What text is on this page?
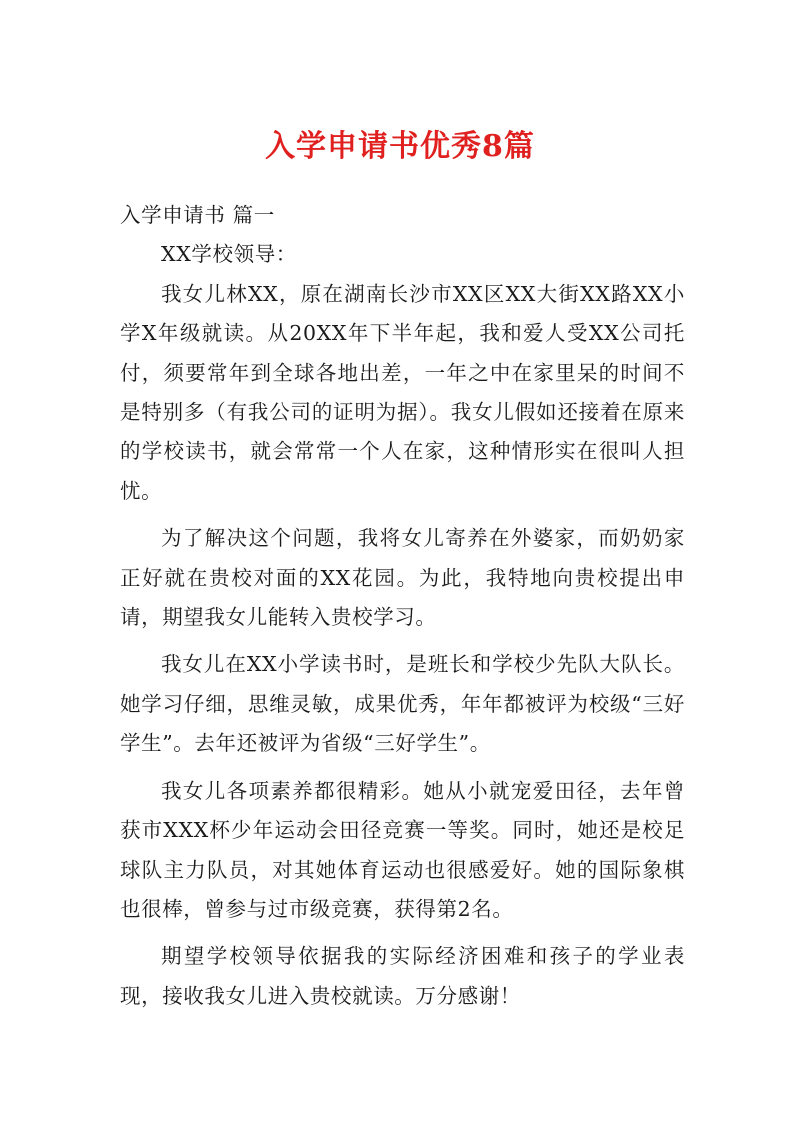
入学申请书优秀8篇

入学申请书 篇一

XX学校领导：

我女儿林XX，原在湖南长沙市XX区XX大街XX路XX小学X年级就读。从20XX年下半年起，我和爱人受XX公司托付，须要常年到全球各地出差，一年之中在家里呆的时间不是特别多（有我公司的证明为据）。我女儿假如还接着在原来的学校读书，就会常常一个人在家，这种情形实在很叫人担忧。

为了解决这个问题，我将女儿寄养在外婆家，而奶奶家正好就在贵校对面的XX花园。为此，我特地向贵校提出申请，期望我女儿能转入贵校学习。

我女儿在XX小学读书时，是班长和学校少先队大队长。她学习仔细，思维灵敏，成果优秀，年年都被评为校级“三好学生”。去年还被评为省级“三好学生”。

我女儿各项素养都很精彩。她从小就宠爱田径，去年曾获市XXX杯少年运动会田径竞赛一等奖。同时，她还是校足球队主力队员，对其她体育运动也很感爱好。她的国际象棋也很棒，曾参与过市级竞赛，获得第2名。

期望学校领导依据我的实际经济困难和孩子的学业表现，接收我女儿进入贵校就读。万分感谢！
